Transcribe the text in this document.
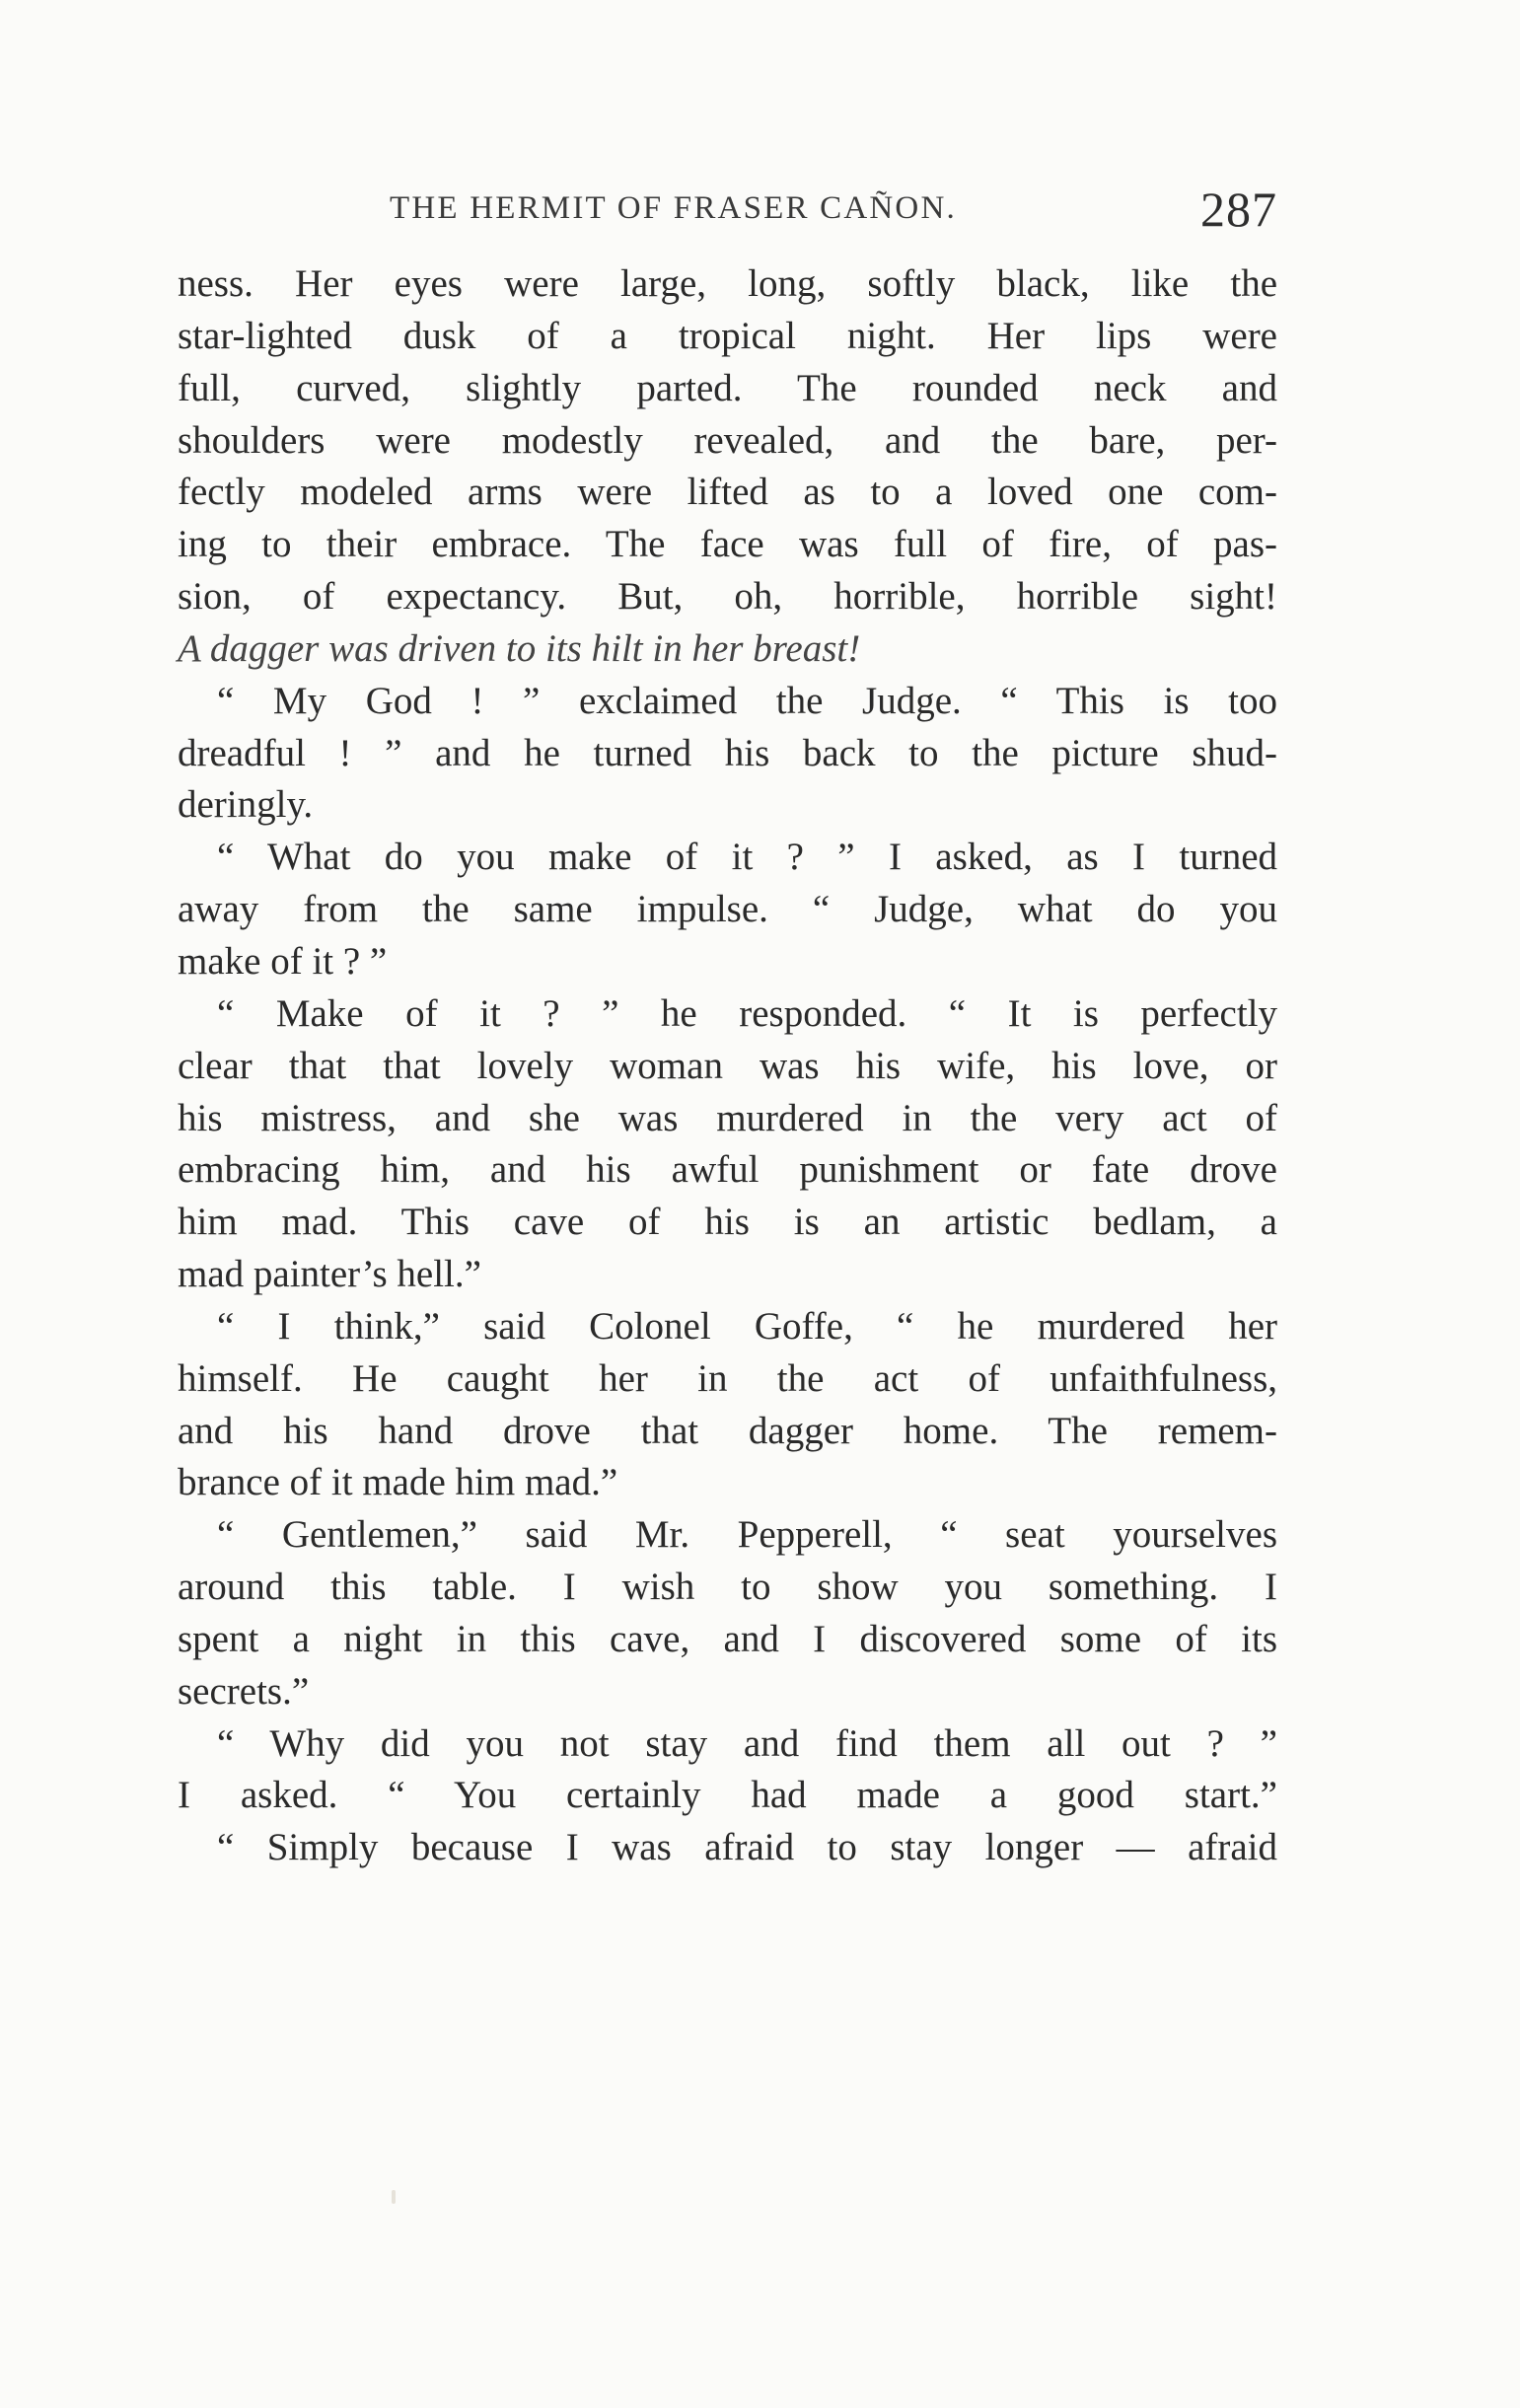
THE HERMIT OF FRASER CAÑON.	287
ness. Her eyes were large, long, softly black, like the
star-lighted dusk of a tropical night. Her lips were
full, curved, slightly parted. The rounded neck and
shoulders were modestly revealed, and the bare, per-
fectly modeled arms were lifted as to a loved one com-
ing to their embrace. The face was full of fire, of pas-
sion, of expectancy. But, oh, horrible, horrible sight!
A dagger was driven to its hilt in her breast!
“ My God ! ” exclaimed the Judge. “ This is too
dreadful ! ” and he turned his back to the picture shud-
deringly.
“ What do you make of it ? ” I asked, as I turned
away from the same impulse. “ Judge, what do you
make of it ? ”
“ Make of it ? ” he responded. “ It is perfectly
clear that that lovely woman was his wife, his love, or
his mistress, and she was murdered in the very act of
embracing him, and his awful punishment or fate drove
him mad. This cave of his is an artistic bedlam, a
mad painter’s hell.”
“ I think,” said Colonel Goffe, “ he murdered her
himself. He caught her in the act of unfaithfulness,
and his hand drove that dagger home. The remem-
brance of it made him mad.”
“ Gentlemen,” said Mr. Pepperell, “ seat yourselves
around this table. I wish to show you something. I
spent a night in this cave, and I discovered some of its
secrets.”
“ Why did you not stay and find them all out ? ”
I asked. “ You certainly had made a good start.”
“ Simply because I was afraid to stay longer — afraid
